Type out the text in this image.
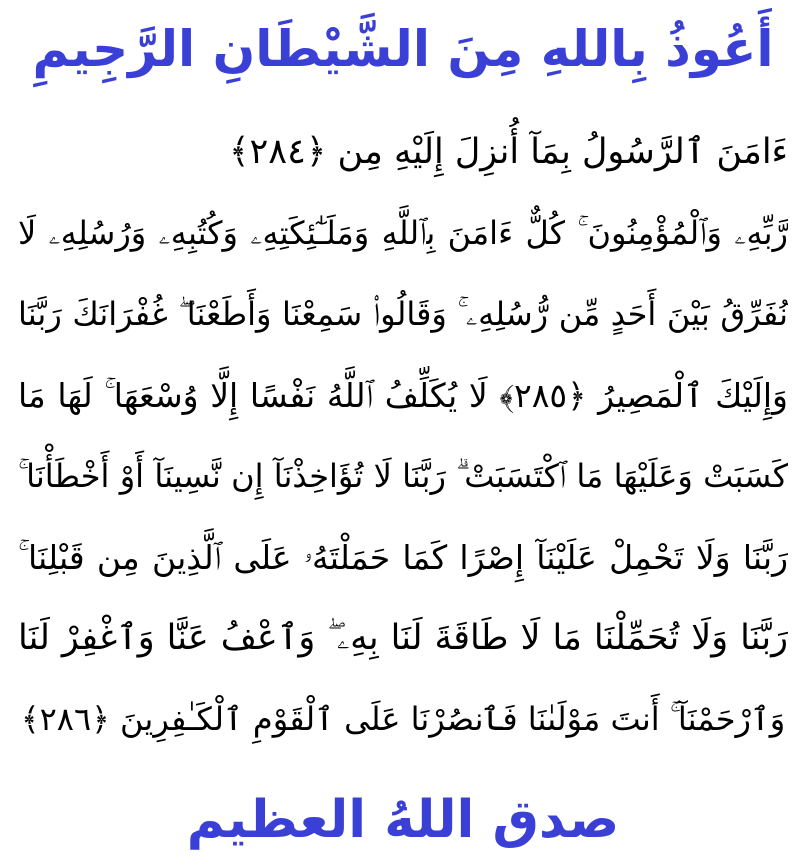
أَعُوذُ بِاللهِ مِنَ الشَّيْطَانِ الرَّجِيمِ
ءَامَنَ ٱلرَّسُولُ بِمَآ أُنزِلَ إِلَيْهِ مِن ﴿٢٨٤﴾
رَّبِّهِۦ وَٱلْمُؤْمِنُونَ ۚ كُلٌّ ءَامَنَ بِٱللَّهِ وَمَلَـٰٓئِكَتِهِۦ وَكُتُبِهِۦ وَرُسُلِهِۦ لَا
نُفَرِّقُ بَيْنَ أَحَدٍ مِّن رُّسُلِهِۦ ۚ وَقَالُوا۟ سَمِعْنَا وَأَطَعْنَا ۖ غُفْرَانَكَ رَبَّنَا
وَإِلَيْكَ ٱلْمَصِيرُ ﴿٢٨٥﴾ لَا يُكَلِّفُ ٱللَّهُ نَفْسًا إِلَّا وُسْعَهَا ۚ لَهَا مَا
كَسَبَتْ وَعَلَيْهَا مَا ٱكْتَسَبَتْ ۗ رَبَّنَا لَا تُؤَاخِذْنَآ إِن نَّسِينَآ أَوْ أَخْطَأْنَا ۚ
رَبَّنَا وَلَا تَحْمِلْ عَلَيْنَآ إِصْرًا كَمَا حَمَلْتَهُۥ عَلَى ٱلَّذِينَ مِن قَبْلِنَا ۚ
رَبَّنَا وَلَا تُحَمِّلْنَا مَا لَا طَاقَةَ لَنَا بِهِۦ ۖ وَٱعْفُ عَنَّا وَٱغْفِرْ لَنَا
وَٱرْحَمْنَآ ۚ أَنتَ مَوْلَىٰنَا فَٱنصُرْنَا عَلَى ٱلْقَوْمِ ٱلْكَـٰفِرِينَ ﴿٢٨٦﴾
صدق اللهُ العظيم
